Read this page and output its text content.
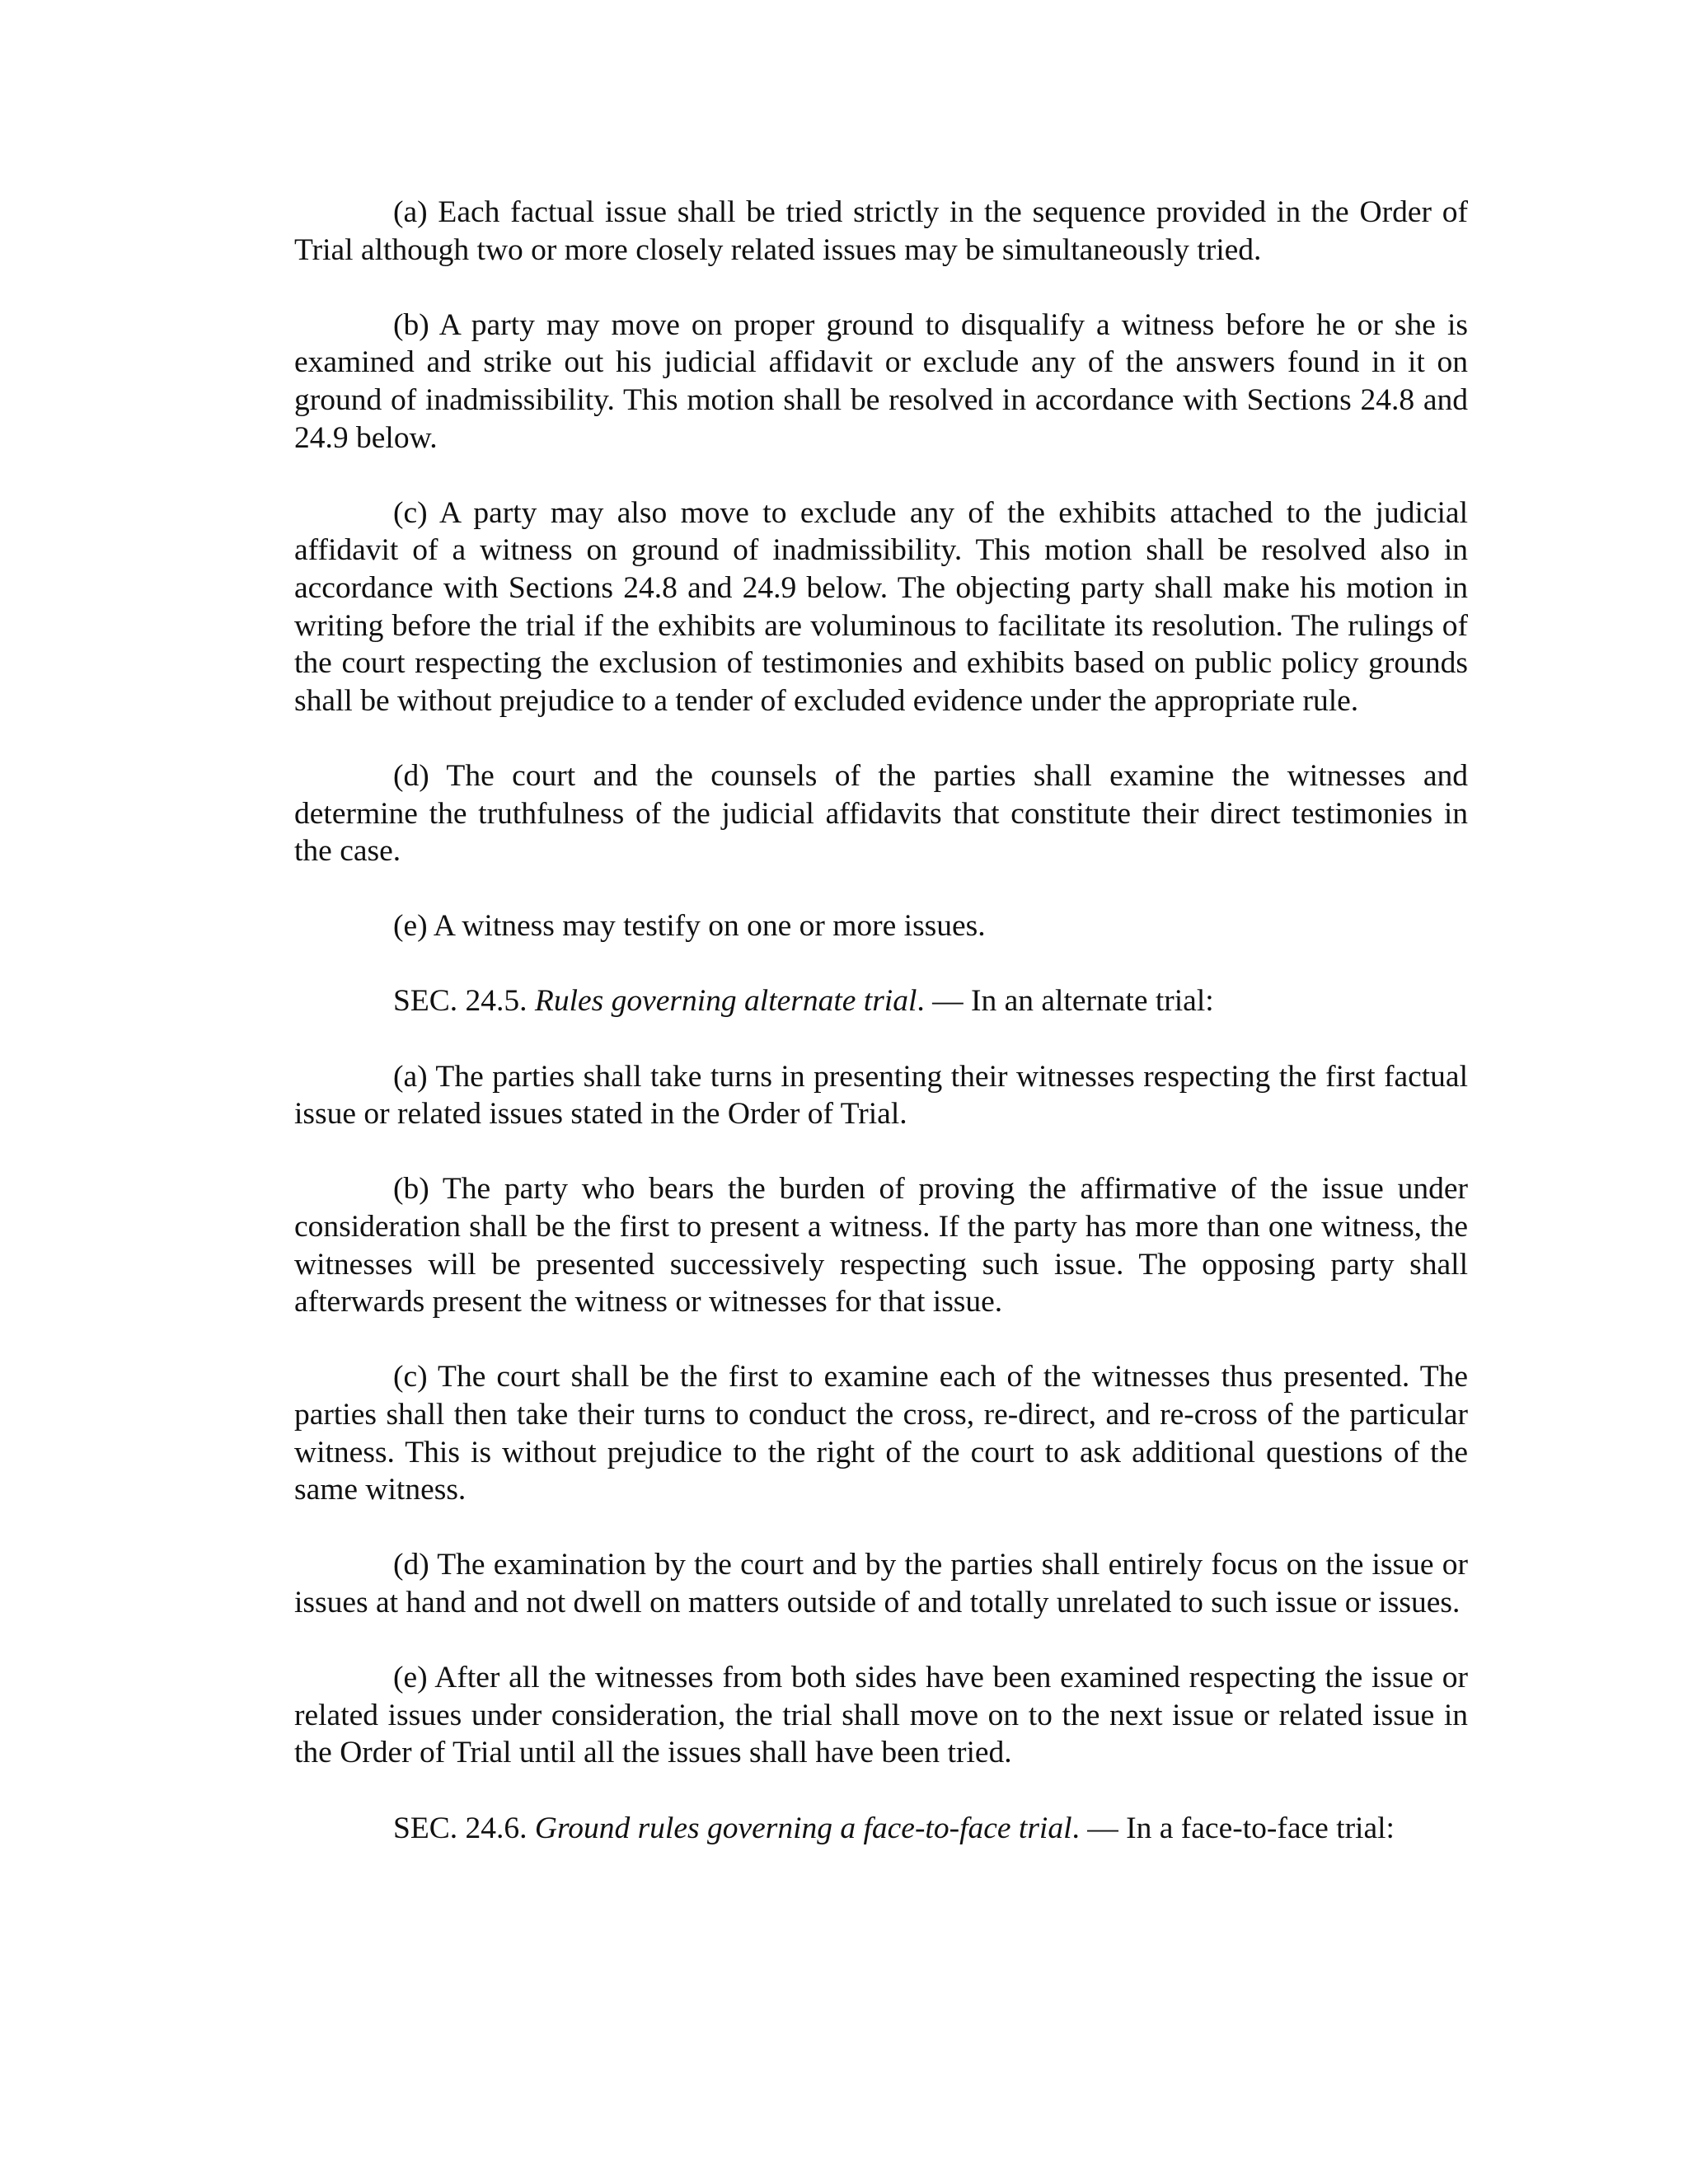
(a) Each factual issue shall be tried strictly in the sequence provided in the Order of Trial although two or more closely related issues may be simultaneously tried.

(b) A party may move on proper ground to disqualify a witness before he or she is examined and strike out his judicial affidavit or exclude any of the answers found in it on ground of inadmissibility. This motion shall be resolved in accordance with Sections 24.8 and 24.9 below.

(c) A party may also move to exclude any of the exhibits attached to the judicial affidavit of a witness on ground of inadmissibility. This motion shall be resolved also in accordance with Sections 24.8 and 24.9 below. The objecting party shall make his motion in writing before the trial if the exhibits are voluminous to facilitate its resolution. The rulings of the court respecting the exclusion of testimonies and exhibits based on public policy grounds shall be without prejudice to a tender of excluded evidence under the appropriate rule.

(d) The court and the counsels of the parties shall examine the witnesses and determine the truthfulness of the judicial affidavits that constitute their direct testimonies in the case.

(e) A witness may testify on one or more issues.

SEC. 24.5. Rules governing alternate trial. — In an alternate trial:

(a) The parties shall take turns in presenting their witnesses respecting the first factual issue or related issues stated in the Order of Trial.

(b) The party who bears the burden of proving the affirmative of the issue under consideration shall be the first to present a witness. If the party has more than one witness, the witnesses will be presented successively respecting such issue. The opposing party shall afterwards present the witness or witnesses for that issue.

(c) The court shall be the first to examine each of the witnesses thus presented. The parties shall then take their turns to conduct the cross, re-direct, and re-cross of the particular witness. This is without prejudice to the right of the court to ask additional questions of the same witness.

(d) The examination by the court and by the parties shall entirely focus on the issue or issues at hand and not dwell on matters outside of and totally unrelated to such issue or issues.

(e) After all the witnesses from both sides have been examined respecting the issue or related issues under consideration, the trial shall move on to the next issue or related issue in the Order of Trial until all the issues shall have been tried.

SEC. 24.6. Ground rules governing a face-to-face trial. — In a face-to-face trial:
